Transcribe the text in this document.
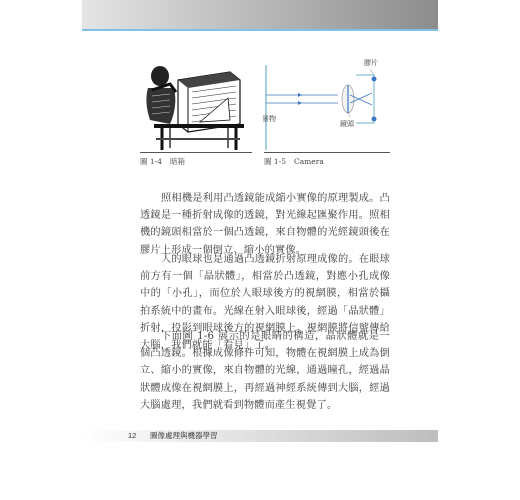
膠片
景物
鏡頭
圖 1-4 暗箱	圖 1-5 Camera

照相機是利用凸透鏡能成縮小實像的原理製成。凸透鏡是一種折射成像的透鏡，對光線起匯聚作用。照相機的鏡頭相當於一個凸透鏡，來自物體的光經鏡頭後在膠片上形成一個倒立、縮小的實像。

人的眼球也是通過凸透鏡折射原理成像的。在眼球前方有一個「晶狀體」，相當於凸透鏡，對應小孔成像中的「小孔」，而位於人眼球後方的視網膜，相當於攝拍系統中的畫布。光線在射入眼球後，經過「晶狀體」折射，投影到眼球後方的視網膜上。視網膜將信號傳給大腦，我們就能「看見」了。

下面圖 1-6 展示的是眼睛的構造，晶狀體就是一個凸透鏡。根據成像條件可知，物體在視網膜上成為倒立、縮小的實像，來自物體的光線，通過瞳孔，經過晶狀體成像在視網膜上，再經過神經系統傳到大腦，經過大腦處理，我們就看到物體而產生視覺了。

12 圖像處理與機器學習
